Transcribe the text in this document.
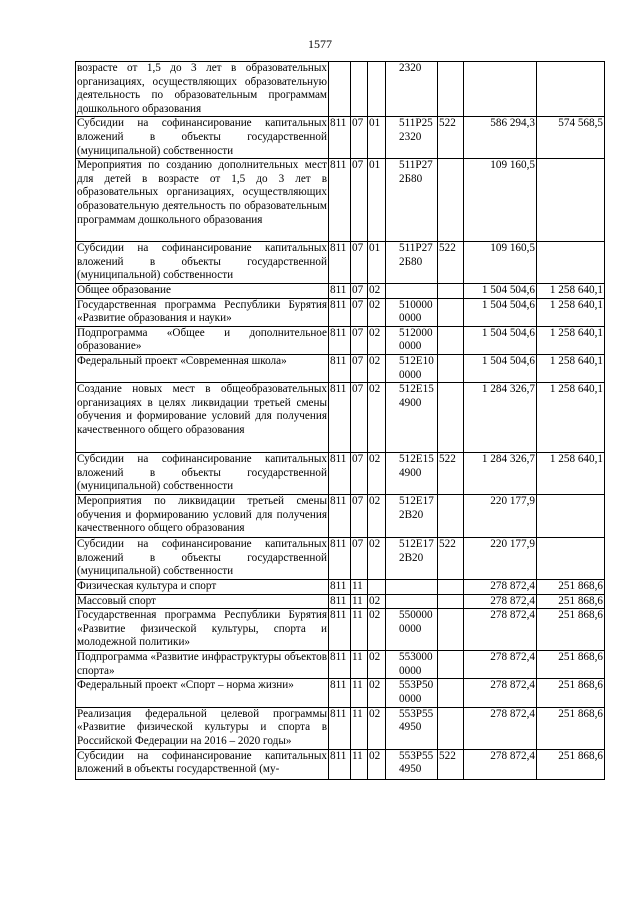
1577
возрасте от 1,5 до 3 лет в образовательных организациях, осуществляющих образовательную деятельность по образовательным программам дошкольного образования				2320			
Субсидии на софинансирование капитальных вложений в объекты государственной (муниципальной) собственности	811	07	01	511P25 2320	522	586 294,3	574 568,5
Мероприятия по созданию дополнительных мест для детей в возрасте от 1,5 до 3 лет в образовательных организациях, осуществляющих образовательную деятельность по образовательным программам дошкольного образования	811	07	01	511P27 2Б80		109 160,5	
Субсидии на софинансирование капитальных вложений в объекты государственной (муниципальной) собственности	811	07	01	511P27 2Б80	522	109 160,5	
Общее образование	811	07	02			1 504 504,6	1 258 640,1
Государственная программа Республики Бурятия «Развитие образования и науки»	811	07	02	510000 0000		1 504 504,6	1 258 640,1
Подпрограмма «Общее и дополнительное образование»	811	07	02	512000 0000		1 504 504,6	1 258 640,1
Федеральный проект «Современная школа»	811	07	02	512E10 0000		1 504 504,6	1 258 640,1
Создание новых мест в общеобразовательных организациях в целях ликвидации третьей смены обучения и формирование условий для получения качественного общего образования	811	07	02	512E15 4900		1 284 326,7	1 258 640,1
Субсидии на софинансирование капитальных вложений в объекты государственной (муниципальной) собственности	811	07	02	512E15 4900	522	1 284 326,7	1 258 640,1
Мероприятия по ликвидации третьей смены обучения и формированию условий для получения качественного общего образования	811	07	02	512E17 2B20		220 177,9	
Субсидии на софинансирование капитальных вложений в объекты государственной (муниципальной) собственности	811	07	02	512E17 2B20	522	220 177,9	
Физическая культура и спорт	811	11				278 872,4	251 868,6
Массовый спорт	811	11	02			278 872,4	251 868,6
Государственная программа Республики Бурятия «Развитие физической культуры, спорта и молодежной политики»	811	11	02	550000 0000		278 872,4	251 868,6
Подпрограмма «Развитие инфраструктуры объектов спорта»	811	11	02	553000 0000		278 872,4	251 868,6
Федеральный проект «Спорт – норма жизни»	811	11	02	553P50 0000		278 872,4	251 868,6
Реализация федеральной целевой программы «Развитие физической культуры и спорта в Российской Федерации на 2016 – 2020 годы»	811	11	02	553P55 4950		278 872,4	251 868,6
Субсидии на софинансирование капитальных вложений в объекты государственной (му-	811	11	02	553P55 4950	522	278 872,4	251 868,6
